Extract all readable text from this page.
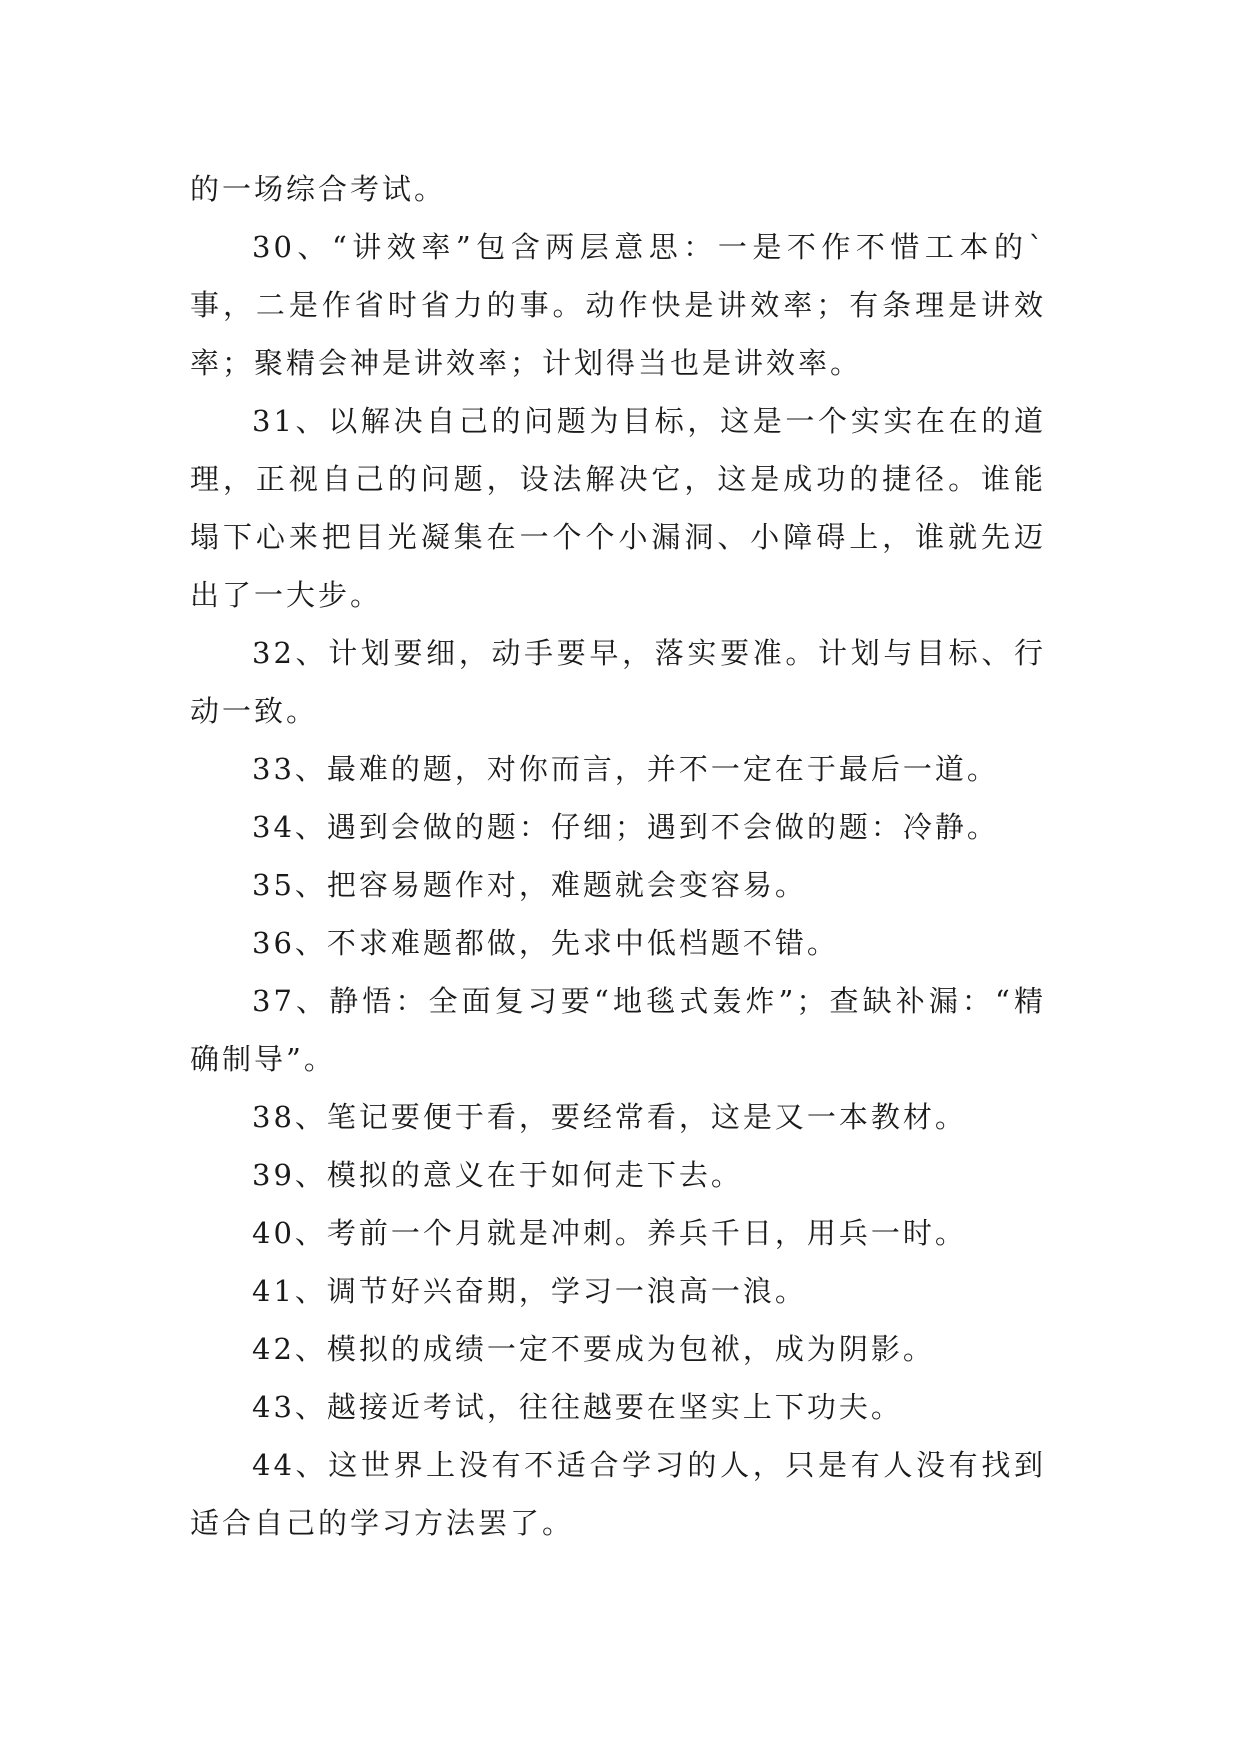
的一场综合考试。

30、“讲效率”包含两层意思：一是不作不惜工本的`事，二是作省时省力的事。动作快是讲效率；有条理是讲效率；聚精会神是讲效率；计划得当也是讲效率。

31、以解决自己的问题为目标，这是一个实实在在的道理，正视自己的问题，设法解决它，这是成功的捷径。谁能塌下心来把目光凝集在一个个小漏洞、小障碍上，谁就先迈出了一大步。

32、计划要细，动手要早，落实要准。计划与目标、行动一致。

33、最难的题，对你而言，并不一定在于最后一道。

34、遇到会做的题：仔细；遇到不会做的题：冷静。

35、把容易题作对，难题就会变容易。

36、不求难题都做，先求中低档题不错。

37、静悟：全面复习要“地毯式轰炸”；查缺补漏：“精确制导”。

38、笔记要便于看，要经常看，这是又一本教材。

39、模拟的意义在于如何走下去。

40、考前一个月就是冲刺。养兵千日，用兵一时。

41、调节好兴奋期，学习一浪高一浪。

42、模拟的成绩一定不要成为包袱，成为阴影。

43、越接近考试，往往越要在坚实上下功夫。

44、这世界上没有不适合学习的人，只是有人没有找到适合自己的学习方法罢了。
